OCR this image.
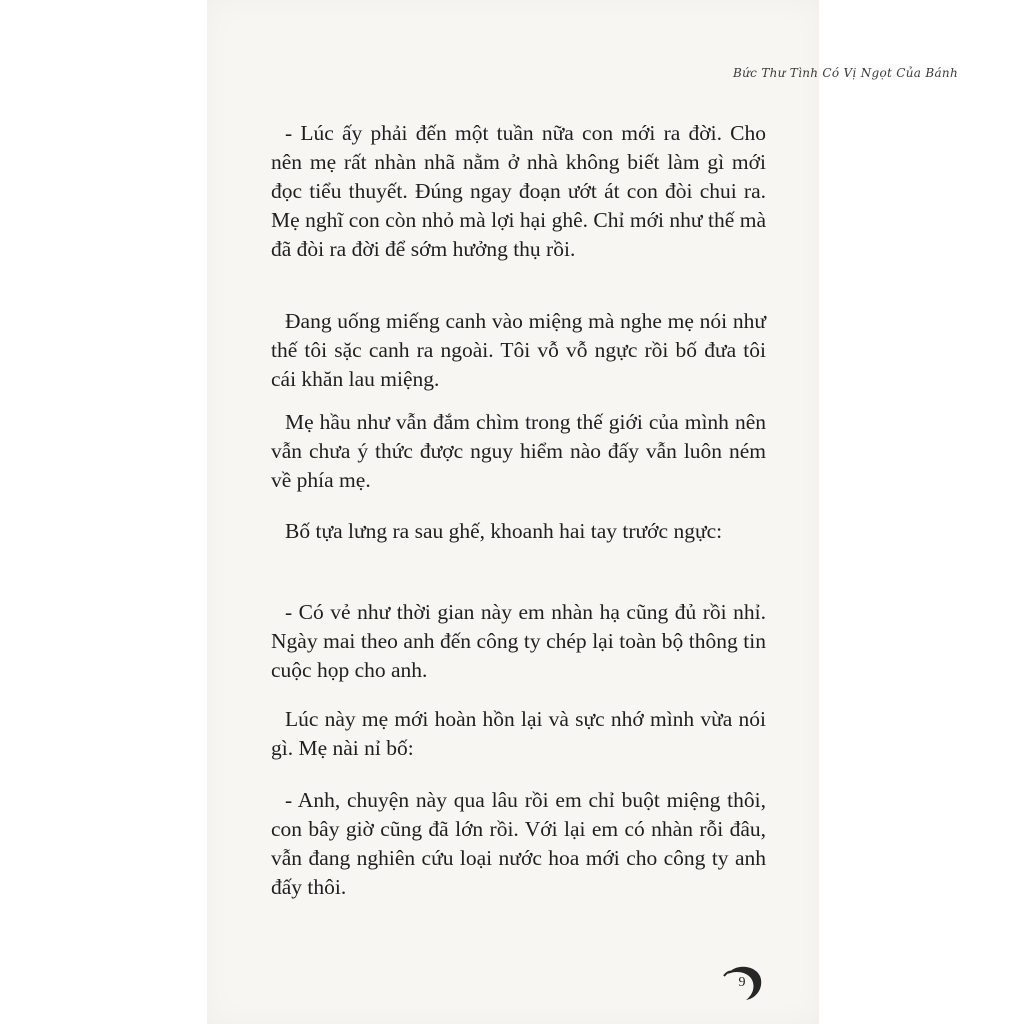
Bức Thư Tình Có Vị Ngọt Của Bánh

- Lúc ấy phải đến một tuần nữa con mới ra đời. Cho nên mẹ rất nhàn nhã nằm ở nhà không biết làm gì mới đọc tiểu thuyết. Đúng ngay đoạn ướt át con đòi chui ra. Mẹ nghĩ con còn nhỏ mà lợi hại ghê. Chỉ mới như thế mà đã đòi ra đời để sớm hưởng thụ rồi.

Đang uống miếng canh vào miệng mà nghe mẹ nói như thế tôi sặc canh ra ngoài. Tôi vỗ vỗ ngực rồi bố đưa tôi cái khăn lau miệng.

Mẹ hầu như vẫn đắm chìm trong thế giới của mình nên vẫn chưa ý thức được nguy hiểm nào đấy vẫn luôn ném về phía mẹ.

Bố tựa lưng ra sau ghế, khoanh hai tay trước ngực:

- Có vẻ như thời gian này em nhàn hạ cũng đủ rồi nhỉ. Ngày mai theo anh đến công ty chép lại toàn bộ thông tin cuộc họp cho anh.

Lúc này mẹ mới hoàn hồn lại và sực nhớ mình vừa nói gì. Mẹ nài nỉ bố:

- Anh, chuyện này qua lâu rồi em chỉ buột miệng thôi, con bây giờ cũng đã lớn rồi. Với lại em có nhàn rỗi đâu, vẫn đang nghiên cứu loại nước hoa mới cho công ty anh đấy thôi.

9
